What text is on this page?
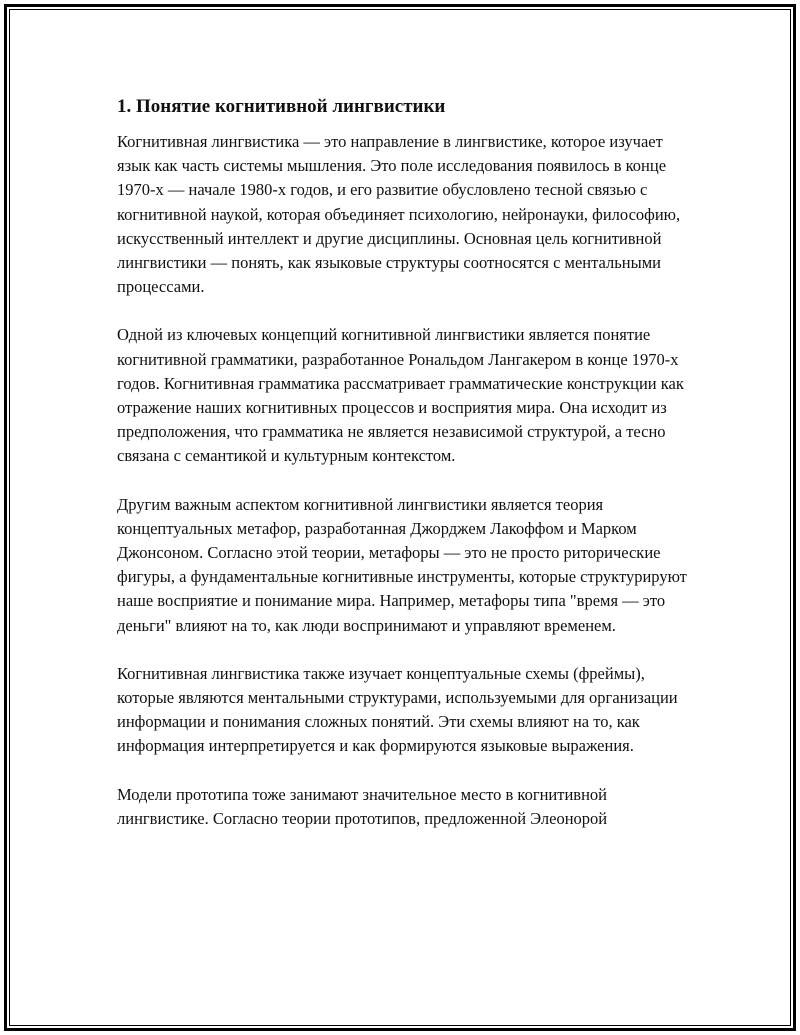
1. Понятие когнитивной лингвистики

Когнитивная лингвистика — это направление в лингвистике, которое изучает язык как часть системы мышления. Это поле исследования появилось в конце 1970-х — начале 1980-х годов, и его развитие обусловлено тесной связью с когнитивной наукой, которая объединяет психологию, нейронауки, философию, искусственный интеллект и другие дисциплины. Основная цель когнитивной лингвистики — понять, как языковые структуры соотносятся с ментальными процессами.

Одной из ключевых концепций когнитивной лингвистики является понятие когнитивной грамматики, разработанное Рональдом Лангакером в конце 1970-х годов. Когнитивная грамматика рассматривает грамматические конструкции как отражение наших когнитивных процессов и восприятия мира. Она исходит из предположения, что грамматика не является независимой структурой, а тесно связана с семантикой и культурным контекстом.

Другим важным аспектом когнитивной лингвистики является теория концептуальных метафор, разработанная Джорджем Лакоффом и Марком Джонсоном. Согласно этой теории, метафоры — это не просто риторические фигуры, а фундаментальные когнитивные инструменты, которые структурируют наше восприятие и понимание мира. Например, метафоры типа "время — это деньги" влияют на то, как люди воспринимают и управляют временем.

Когнитивная лингвистика также изучает концептуальные схемы (фреймы), которые являются ментальными структурами, используемыми для организации информации и понимания сложных понятий. Эти схемы влияют на то, как информация интерпретируется и как формируются языковые выражения.

Модели прототипа тоже занимают значительное место в когнитивной лингвистике. Согласно теории прототипов, предложенной Элеонорой
